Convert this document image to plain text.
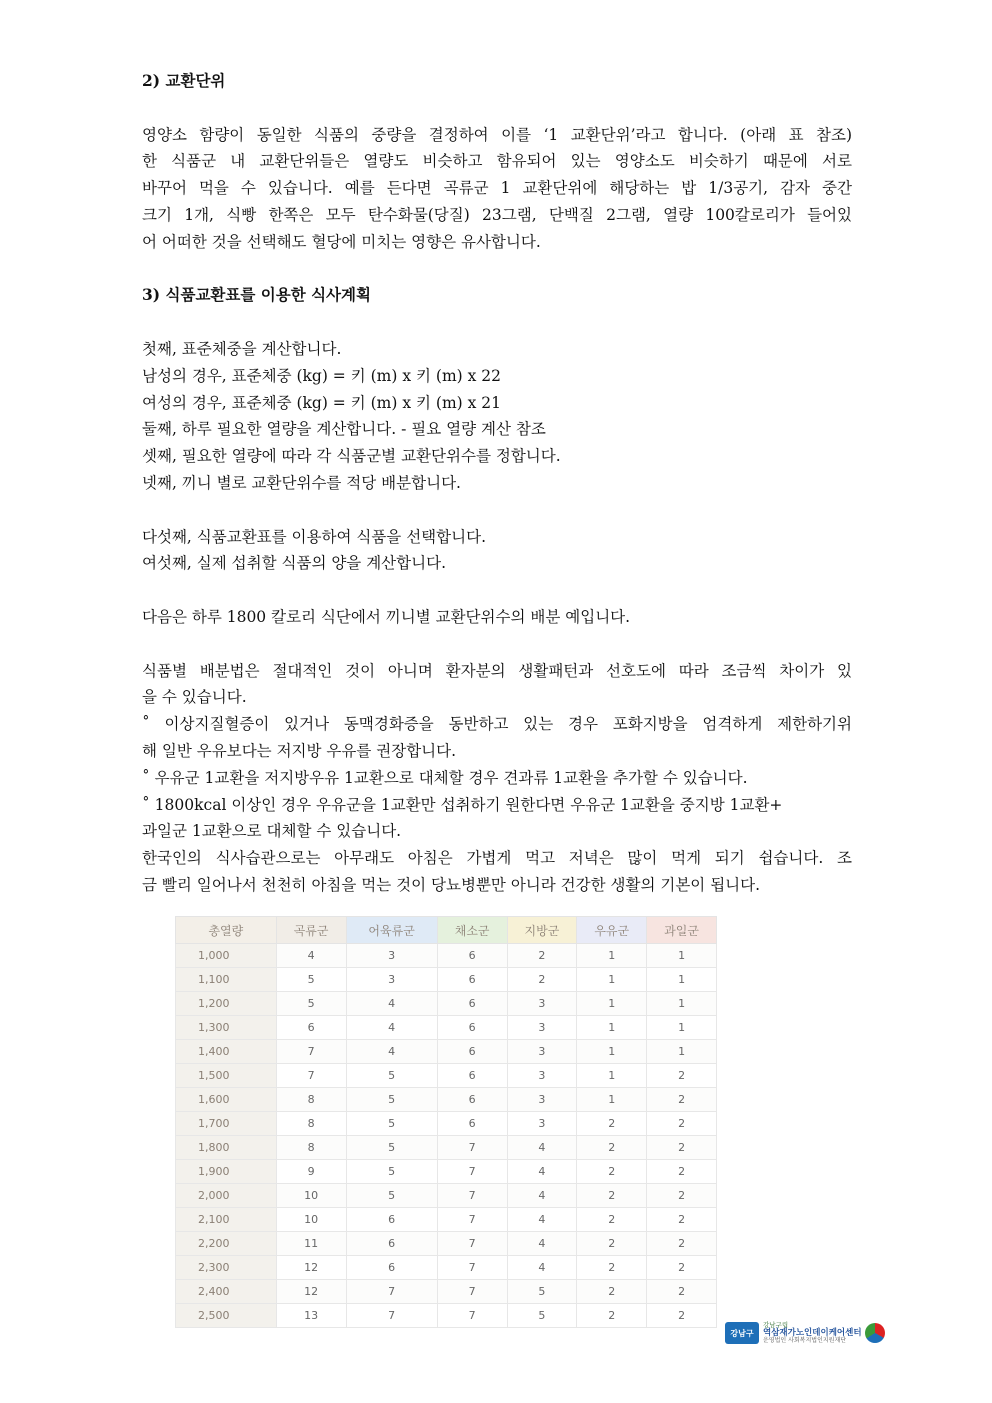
2) 교환단위
영양소 함량이 동일한 식품의 중량을 결정하여 이를 ‘1 교환단위’라고 합니다. (아래 표 참조)
한 식품군 내 교환단위들은 열량도 비슷하고 함유되어 있는 영양소도 비슷하기 때문에 서로
바꾸어 먹을 수 있습니다. 예를 든다면 곡류군 1 교환단위에 해당하는 밥 1/3공기, 감자 중간
크기 1개, 식빵 한쪽은 모두 탄수화물(당질) 23그램, 단백질 2그램, 열량 100칼로리가 들어있
어 어떠한 것을 선택해도 혈당에 미치는 영향은 유사합니다.
3) 식품교환표를 이용한 식사계획
첫째, 표준체중을 계산합니다.
남성의 경우, 표준체중 (kg) = 키 (m) x 키 (m) x 22
여성의 경우, 표준체중 (kg) = 키 (m) x 키 (m) x 21
둘째, 하루 필요한 열량을 계산합니다. - 필요 열량 계산 참조
셋째, 필요한 열량에 따라 각 식품군별 교환단위수를 정합니다.
넷째, 끼니 별로 교환단위수를 적당 배분합니다.
다섯째, 식품교환표를 이용하여 식품을 선택합니다.
여섯째, 실제 섭취할 식품의 양을 계산합니다.
다음은 하루 1800 칼로리 식단에서 끼니별 교환단위수의 배분 예입니다.
식품별 배분법은 절대적인 것이 아니며 환자분의 생활패턴과 선호도에 따라 조금씩 차이가 있
을 수 있습니다.
˚ 이상지질혈증이 있거나 동맥경화증을 동반하고 있는 경우 포화지방을 엄격하게 제한하기위
해 일반 우유보다는 저지방 우유를 권장합니다.
˚ 우유군 1교환을 저지방우유 1교환으로 대체할 경우 견과류 1교환을 추가할 수 있습니다.
˚ 1800kcal 이상인 경우 우유군을 1교환만 섭취하기 원한다면 우유군 1교환을 중지방 1교환+
과일군 1교환으로 대체할 수 있습니다.
한국인의 식사습관으로는 아무래도 아침은 가볍게 먹고 저녁은 많이 먹게 되기 쉽습니다. 조
금 빨리 일어나서 천천히 아침을 먹는 것이 당뇨병뿐만 아니라 건강한 생활의 기본이 됩니다.
총열량	곡류군	어육류군	채소군	지방군	우유군	과일군
1,000	4	3	6	2	1	1
1,100	5	3	6	2	1	1
1,200	5	4	6	3	1	1
1,300	6	4	6	3	1	1
1,400	7	4	6	3	1	1
1,500	7	5	6	3	1	2
1,600	8	5	6	3	1	2
1,700	8	5	6	3	2	2
1,800	8	5	7	4	2	2
1,900	9	5	7	4	2	2
2,000	10	5	7	4	2	2
2,100	10	6	7	4	2	2
2,200	11	6	7	4	2	2
2,300	12	6	7	4	2	2
2,400	12	7	7	5	2	2
2,500	13	7	7	5	2	2
강남구
강남구립
역삼재가노인데이케어센터
운영법인 사회복지법인지원재단
